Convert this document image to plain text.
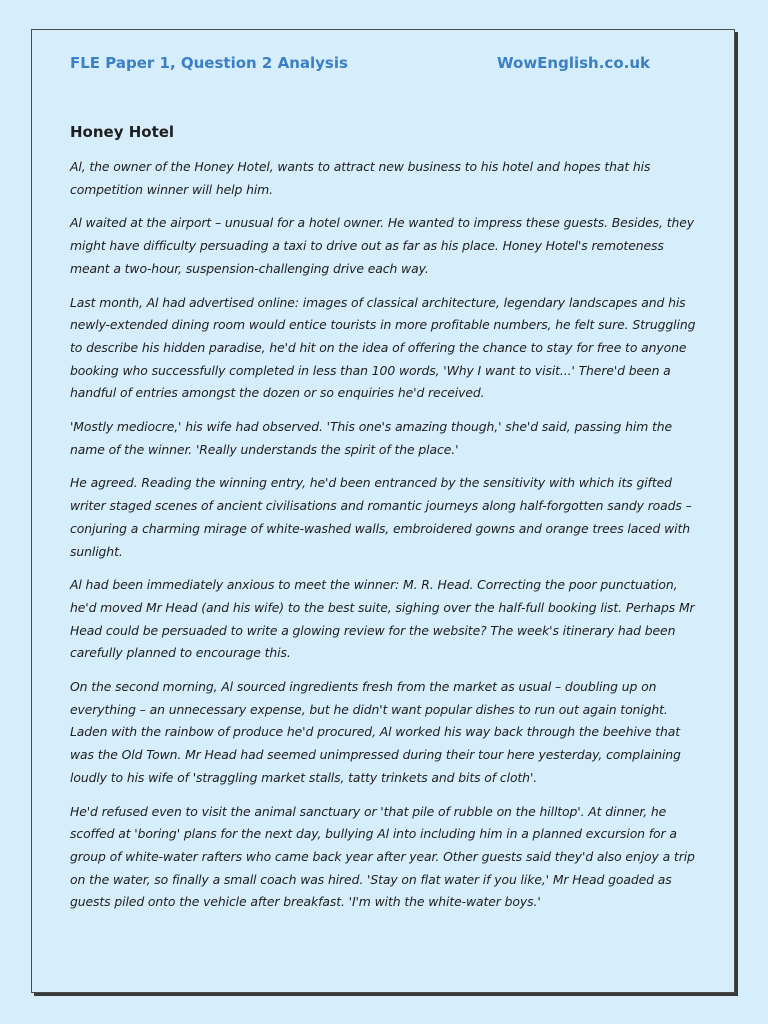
FLE Paper 1, Question 2 Analysis	WowEnglish.co.uk
Honey Hotel

Al, the owner of the Honey Hotel, wants to attract new business to his hotel and hopes that his competition winner will help him.

Al waited at the airport – unusual for a hotel owner. He wanted to impress these guests. Besides, they might have difficulty persuading a taxi to drive out as far as his place. Honey Hotel's remoteness meant a two-hour, suspension-challenging drive each way.

Last month, Al had advertised online: images of classical architecture, legendary landscapes and his newly-extended dining room would entice tourists in more profitable numbers, he felt sure. Struggling to describe his hidden paradise, he'd hit on the idea of offering the chance to stay for free to anyone booking who successfully completed in less than 100 words, 'Why I want to visit...' There'd been a handful of entries amongst the dozen or so enquiries he'd received.

'Mostly mediocre,' his wife had observed. 'This one's amazing though,' she'd said, passing him the name of the winner. 'Really understands the spirit of the place.'

He agreed. Reading the winning entry, he'd been entranced by the sensitivity with which its gifted writer staged scenes of ancient civilisations and romantic journeys along half-forgotten sandy roads – conjuring a charming mirage of white-washed walls, embroidered gowns and orange trees laced with sunlight.

Al had been immediately anxious to meet the winner: M. R. Head. Correcting the poor punctuation, he'd moved Mr Head (and his wife) to the best suite, sighing over the half-full booking list. Perhaps Mr Head could be persuaded to write a glowing review for the website? The week's itinerary had been carefully planned to encourage this.

On the second morning, Al sourced ingredients fresh from the market as usual – doubling up on everything – an unnecessary expense, but he didn't want popular dishes to run out again tonight. Laden with the rainbow of produce he'd procured, Al worked his way back through the beehive that was the Old Town. Mr Head had seemed unimpressed during their tour here yesterday, complaining loudly to his wife of 'straggling market stalls, tatty trinkets and bits of cloth'.

He'd refused even to visit the animal sanctuary or 'that pile of rubble on the hilltop'. At dinner, he scoffed at 'boring' plans for the next day, bullying Al into including him in a planned excursion for a group of white-water rafters who came back year after year. Other guests said they'd also enjoy a trip on the water, so finally a small coach was hired. 'Stay on flat water if you like,' Mr Head goaded as guests piled onto the vehicle after breakfast. 'I'm with the white-water boys.'
